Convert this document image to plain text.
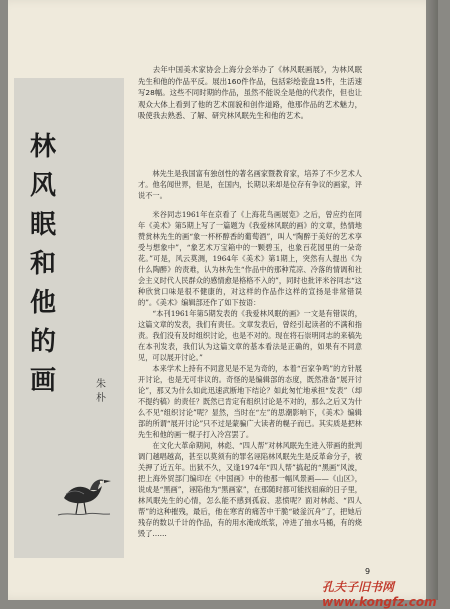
林
风
眠
和
他
的
画	朱
朴

去年中国美术家协会上海分会举办了《林风眠画展》，为林风眠先生和他的作品平反。展出160件作品，包括彩绘瓷盘15件，生活速写28幅。这些不同时期的作品，虽然不能说全是他的代表作，但也让观众大体上看到了他的艺术面貌和创作道路，他那作品的艺术魅力，吸使我去熟悉、了解、研究林风眠先生和他的艺术。

林先生是我国富有独创性的著名画家暨教育家，培养了不少艺术人才。他名闻世界，但是，在国内，长期以来却是位存有争议的画家，评说不一。

米谷同志1961年在京看了《上海花鸟画展览》之后，曾应约在同年《美术》第5期上写了一篇题为《我爱林风眠的画》的文章，热情地赞赏林先生的画“象一杯杯醇香的葡萄酒”，叫人“陶醉于美好的艺术享受与想象中”，“象艺术万宝箱中的一颗碧玉，也象百花园里的一朵奇花。”可是，风云莫测，1964年《美术》第1期上，突然有人提出《为什么陶醉》的责难，认为林先生“作品中的那种荒凉、冷落的情调和社会主义时代人民群众的感情愈是格格不入的”，同时也批评米谷同志“这种欣赏口味是很不健康的，对这样的作品作这样的宣扬是非常错误的”。《美术》编辑部还作了如下按语：

“本刊1961年第5期发表的《我爱林风眠的画》一文是有错误的，这篇文章的发表，我们有责任。文章发表后，曾经引起读者的不满和指责。我们没有及时组织讨论，也是不对的。现在将石崇明同志的来稿先在本刊发表，我们认为这篇文章的基本看法是正确的，如果有不同意见，可以展开讨论。”

本来学术上持有不同意见是不足为奇的，本着“百家争鸣”的方针展开讨论，也是无可非议的。奇怪的是编辑部的态度，既然准备“展开讨论”，那又为什么如此迅速武断地下结论？如此匆忙地承担“发表”（却不提约稿）的责任？既然已肯定有组织讨论是不对的，那么之后又为什么不见“组织讨论”呢？显然，当时在“左”的思潮影响下，《美术》编辑部的所谓“展开讨论”只不过是蒙骗广大读者的幌子而已。其实质是把林先生和他的画一棍子打入冷宫罢了。

在文化大革命期间，林彪、“四人帮”对林风眠先生进入带画的批判调门越唱越高，甚至以莫须有的罪名诬陷林风眠先生是反革命分子，被关押了近五年。出狱不久，又逢1974年“四人帮”搞起的“黑画”风波，把上海外贸部门编印在《中国画》中的他那一幅风景画——《山区》，说成是“黑画”，诬陷他为“黑画家”，在那随时都可能找祖麻的日子里，林风眠先生的心情，怎么能不感到孤寂、悲愤呢？面对林彪、“四人帮”的这种摧残，最后，他在寒宵的痛苦中干脆“破釜沉舟”了，把她后残存的数以千计的作品，有的用水淹成纸浆，冲进了抽水马桶，有的烧毁了……

9
孔夫子旧书网 www.kongfz.com
